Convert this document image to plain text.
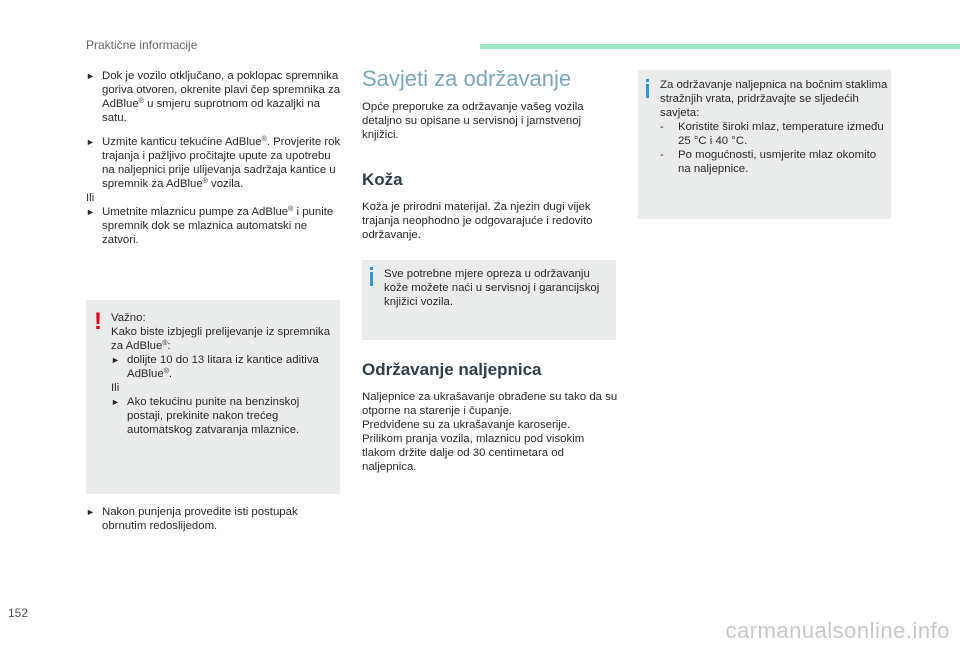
Praktične informacije
► Dok je vozilo otključano, a poklopac spremnika goriva otvoren, okrenite plavi čep spremnika za AdBlue® u smjeru suprotnom od kazaljki na satu.
► Uzmite kanticu tekućine AdBlue®. Provjerite rok trajanja i pažljivo pročitajte upute za upotrebu na naljepnici prije ulijevanja sadržaja kantice u spremnik za AdBlue® vozila.

Ili

► Umetnite mlaznicu pumpe za AdBlue® i punite spremnik dok se mlaznica automatski ne zatvori.
! Važno:

Kako biste izbjegli prelijevanje iz spremnika za AdBlue®:

► dolijte 10 do 13 litara iz kantice aditiva AdBlue®.

Ili

► Ako tekućinu punite na benzinskoj postaji, prekinite nakon trećeg automatskog zatvaranja mlaznice.
► Nakon punjenja provedite isti postupak obrnutim redoslijedom.
Savjeti za održavanje
Opće preporuke za održavanje vašeg vozila detaljno su opisane u servisnoj i jamstvenoj knjižici.
Koža
Koža je prirodni materijal. Za njezin dugi vijek trajanja neophodno je odgovarajuće i redovito održavanje.
Sve potrebne mjere opreza u održavanju kože možete naći u servisnoj i garancijskoj knjižici vozila.
Održavanje naljepnica

Naljepnice za ukrašavanje obrađene su tako da su otporne na starenje i čupanje.

Predviđene su za ukrašavanje karoserije.

Prilikom pranja vozila, mlaznicu pod visokim tlakom držite dalje od 30 centimetara od naljepnica.

Za održavanje naljepnica na bočnim staklima stražnjih vrata, pridržavajte se sljedećih savjeta:

-	Koristite široki mlaz, temperature između 25 °C i 40 °C.
-	Po mogućnosti, usmjerite mlaz okomito na naljepnice.
152
carmanualsonline.info
